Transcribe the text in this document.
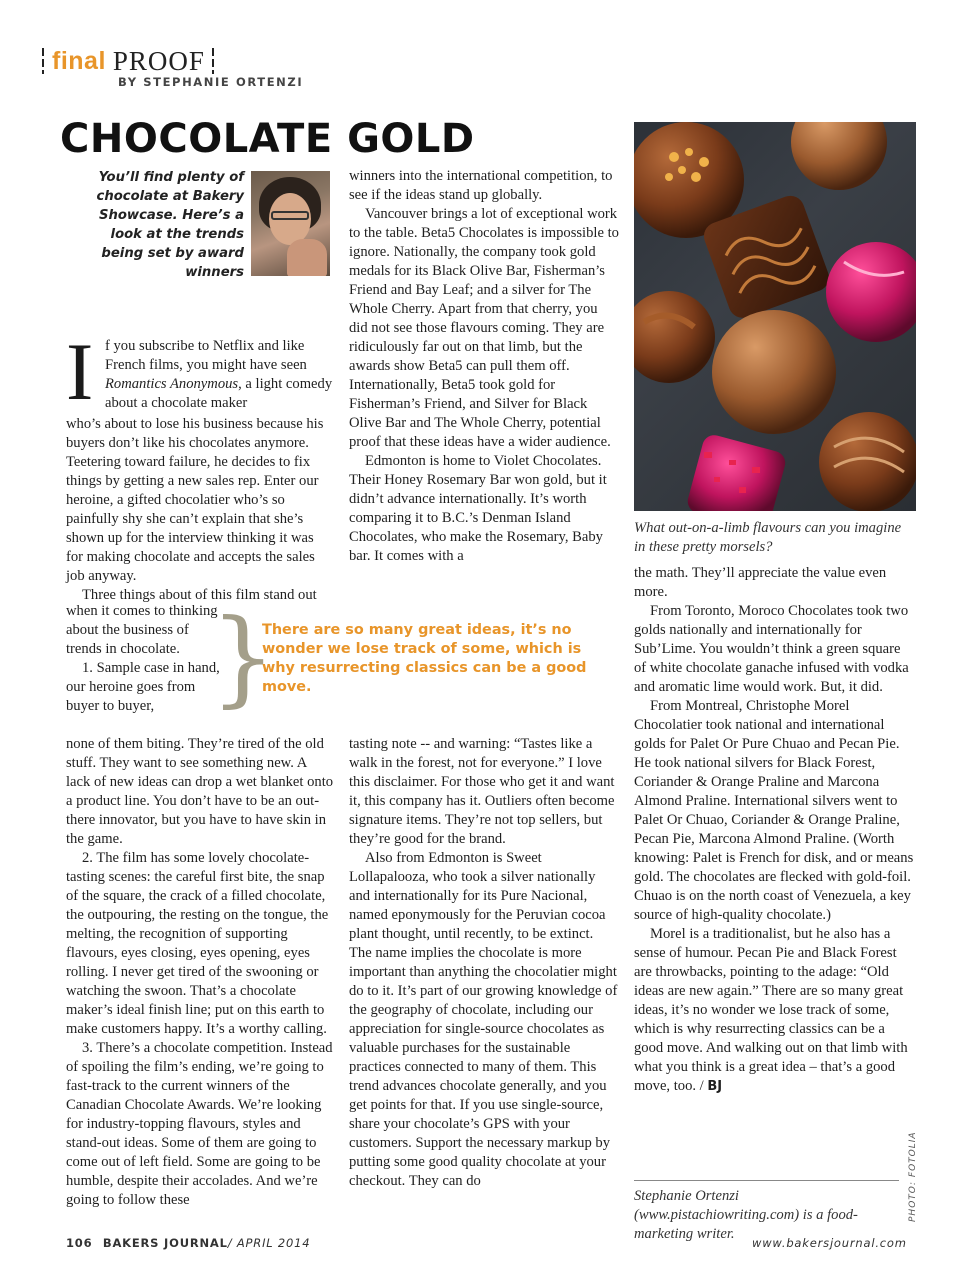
final PROOF
BY STEPHANIE ORTENZI
CHOCOLATE GOLD
You’ll find plenty of chocolate at Bakery Showcase. Here’s a look at the trends being set by award winners
I f you subscribe to Netflix and like French films, you might have seen Romantics Anonymous, a light comedy about a chocolate maker

who’s about to lose his business because his buyers don’t like his chocolates anymore. Teetering toward failure, he decides to fix things by getting a new sales rep. Enter our heroine, a gifted chocolatier who’s so painfully shy she can’t explain that she’s shown up for the interview thinking it was for making chocolate and accepts the sales job anyway.

Three things about of this film stand out

when it comes to thinking about the business of trends in chocolate.

1. Sample case in hand, our heroine goes from buyer to buyer,

none of them biting. They’re tired of the old stuff. They want to see something new. A lack of new ideas can drop a wet blanket onto a product line. You don’t have to be an out-there innovator, but you have to have skin in the game.

2. The film has some lovely chocolate-tasting scenes: the careful first bite, the snap of the square, the crack of a filled chocolate, the outpouring, the resting on the tongue, the melting, the recognition of supporting flavours, eyes closing, eyes opening, eyes rolling. I never get tired of the swooning or watching the swoon. That’s a chocolate maker’s ideal finish line; put on this earth to make customers happy. It’s a worthy calling.

3. There’s a chocolate competition. Instead of spoiling the film’s ending, we’re going to fast-track to the current winners of the Canadian Chocolate Awards. We’re looking for industry-topping flavours, styles and stand-out ideas. Some of them are going to come out of left field. Some are going to be humble, despite their accolades. And we’re going to follow these

winners into the international competition, to see if the ideas stand up globally.

Vancouver brings a lot of exceptional work to the table. Beta5 Chocolates is impossible to ignore. Nationally, the company took gold medals for its Black Olive Bar, Fisherman’s Friend and Bay Leaf; and a silver for The Whole Cherry. Apart from that cherry, you did not see those flavours coming. They are ridiculously far out on that limb, but the awards show Beta5 can pull them off. Internationally, Beta5 took gold for Fisherman’s Friend, and Silver for Black Olive Bar and The Whole Cherry, potential proof that these ideas have a wider audience.

Edmonton is home to Violet Chocolates. Their Honey Rosemary Bar won gold, but it didn’t advance internationally. It’s worth comparing it to B.C.’s Denman Island Chocolates, who make the Rosemary, Baby bar. It comes with a

}
There are so many great ideas, it’s no wonder we lose track of some, which is why resurrecting classics can be a good move.

tasting note -- and warning: “Tastes like a walk in the forest, not for everyone.” I love this disclaimer. For those who get it and want it, this company has it. Outliers often become signature items. They’re not top sellers, but they’re good for the brand.

Also from Edmonton is Sweet Lollapalooza, who took a silver nationally and internationally for its Pure Nacional, named eponymously for the Peruvian cocoa plant thought, until recently, to be extinct. The name implies the chocolate is more important than anything the chocolatier might do to it. It’s part of our growing knowledge of the geography of chocolate, including our appreciation for single-source chocolates as valuable purchases for the sustainable practices connected to many of them. This trend advances chocolate generally, and you get points for that. If you use single-source, share your chocolate’s GPS with your customers. Support the necessary markup by putting some good quality chocolate at your checkout. They can do

What out-on-a-limb flavours can you imagine in these pretty morsels?

the math. They’ll appreciate the value even more.

From Toronto, Moroco Chocolates took two golds nationally and internationally for Sub’Lime. You wouldn’t think a green square of white chocolate ganache infused with vodka and aromatic lime would work. But, it did.

From Montreal, Christophe Morel Chocolatier took national and international golds for Palet Or Pure Chuao and Pecan Pie. He took national silvers for Black Forest, Coriander & Orange Praline and Marcona Almond Praline. International silvers went to Palet Or Chuao, Coriander & Orange Praline, Pecan Pie, Marcona Almond Praline. (Worth knowing: Palet is French for disk, and or means gold. The chocolates are flecked with gold-foil. Chuao is on the north coast of Venezuela, a key source of high-quality chocolate.)

Morel is a traditionalist, but he also has a sense of humour. Pecan Pie and Black Forest are throwbacks, pointing to the adage: “Old ideas are new again.” There are so many great ideas, it’s no wonder we lose track of some, which is why resurrecting classics can be a good move. And walking out on that limb with what you think is a great idea – that’s a good move, too. / BJ

Stephanie Ortenzi (www.pistachiowriting.com) is a food-marketing writer.
PHOTO: FOTOLIA
106 BAKERS JOURNAL/ APRIL 2014	www.bakersjournal.com
